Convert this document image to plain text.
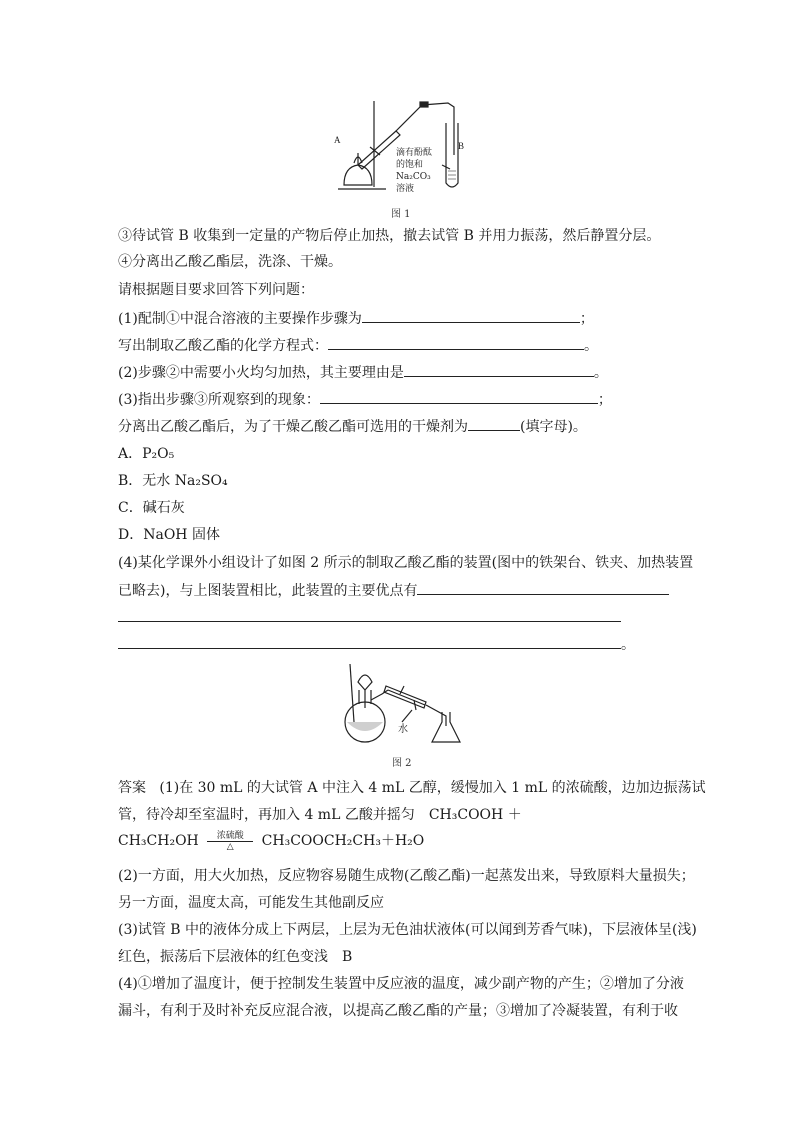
A
B
滴有酚酞
的饱和
Na₂CO₃
溶液
图 1
③待试管 B 收集到一定量的产物后停止加热，撤去试管 B 并用力振荡，然后静置分层。
④分离出乙酸乙酯层，洗涤、干燥。
请根据题目要求回答下列问题：
(1)配制①中混合溶液的主要操作步骤为	；
写出制取乙酸乙酯的化学方程式：	。
(2)步骤②中需要小火均匀加热，其主要理由是	。
(3)指出步骤③所观察到的现象：	；
分离出乙酸乙酯后，为了干燥乙酸乙酯可选用的干燥剂为	(填字母)。
A．P₂O₅
B．无水 Na₂SO₄
C．碱石灰
D．NaOH 固体
(4)某化学课外小组设计了如图 2 所示的制取乙酸乙酯的装置(图中的铁架台、铁夹、加热装置
已略去)，与上图装置相比，此装置的主要优点有
。
水
图 2
答案 (1)在 30 mL 的大试管 A 中注入 4 mL 乙醇，缓慢加入 1 mL 的浓硫酸，边加边振荡试
管，待冷却至室温时，再加入 4 mL 乙酸并摇匀　CH₃COOH ＋
CH₃CH₂OH	浓硫酸
△	CH₃COOCH₂CH₃＋H₂O
(2)一方面，用大火加热，反应物容易随生成物(乙酸乙酯)一起蒸发出来，导致原料大量损失；
另一方面，温度太高，可能发生其他副反应
(3)试管 B 中的液体分成上下两层，上层为无色油状液体(可以闻到芳香气味)，下层液体呈(浅)
红色，振荡后下层液体的红色变浅　B
(4)①增加了温度计，便于控制发生装置中反应液的温度，减少副产物的产生；②增加了分液
漏斗，有利于及时补充反应混合液，以提高乙酸乙酯的产量；③增加了冷凝装置，有利于收
